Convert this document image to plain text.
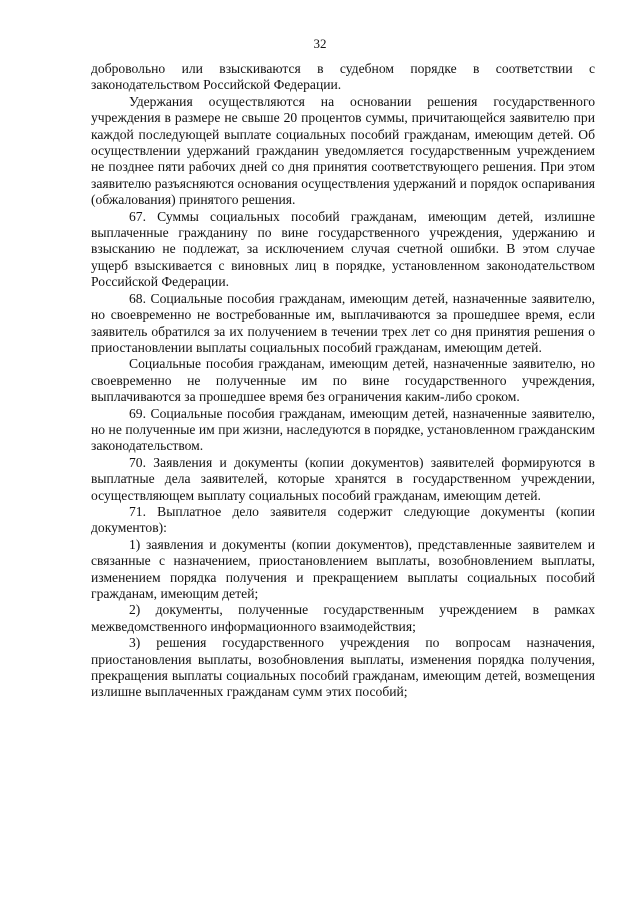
32

добровольно или взыскиваются в судебном порядке в соответствии с законодательством Российской Федерации.

Удержания осуществляются на основании решения государственного учреждения в размере не свыше 20 процентов суммы, причитающейся заявителю при каждой последующей выплате социальных пособий гражданам, имеющим детей. Об осуществлении удержаний гражданин уведомляется государственным учреждением не позднее пяти рабочих дней со дня принятия соответствующего решения. При этом заявителю разъясняются основания осуществления удержаний и порядок оспаривания (обжалования) принятого решения.

67. Суммы социальных пособий гражданам, имеющим детей, излишне выплаченные гражданину по вине государственного учреждения, удержанию и взысканию не подлежат, за исключением случая счетной ошибки. В этом случае ущерб взыскивается с виновных лиц в порядке, установленном законодательством Российской Федерации.

68. Социальные пособия гражданам, имеющим детей, назначенные заявителю, но своевременно не востребованные им, выплачиваются за прошедшее время, если заявитель обратился за их получением в течении трех лет со дня принятия решения о приостановлении выплаты социальных пособий гражданам, имеющим детей.

Социальные пособия гражданам, имеющим детей, назначенные заявителю, но своевременно не полученные им по вине государственного учреждения, выплачиваются за прошедшее время без ограничения каким-либо сроком.

69. Социальные пособия гражданам, имеющим детей, назначенные заявителю, но не полученные им при жизни, наследуются в порядке, установленном гражданским законодательством.

70. Заявления и документы (копии документов) заявителей формируются в выплатные дела заявителей, которые хранятся в государственном учреждении, осуществляющем выплату социальных пособий гражданам, имеющим детей.

71. Выплатное дело заявителя содержит следующие документы (копии документов):

1) заявления и документы (копии документов), представленные заявителем и связанные с назначением, приостановлением выплаты, возобновлением выплаты, изменением порядка получения и прекращением выплаты социальных пособий гражданам, имеющим детей;

2) документы, полученные государственным учреждением в рамках межведомственного информационного взаимодействия;

3) решения государственного учреждения по вопросам назначения, приостановления выплаты, возобновления выплаты, изменения порядка получения, прекращения выплаты социальных пособий гражданам, имеющим детей, возмещения излишне выплаченных гражданам сумм этих пособий;
